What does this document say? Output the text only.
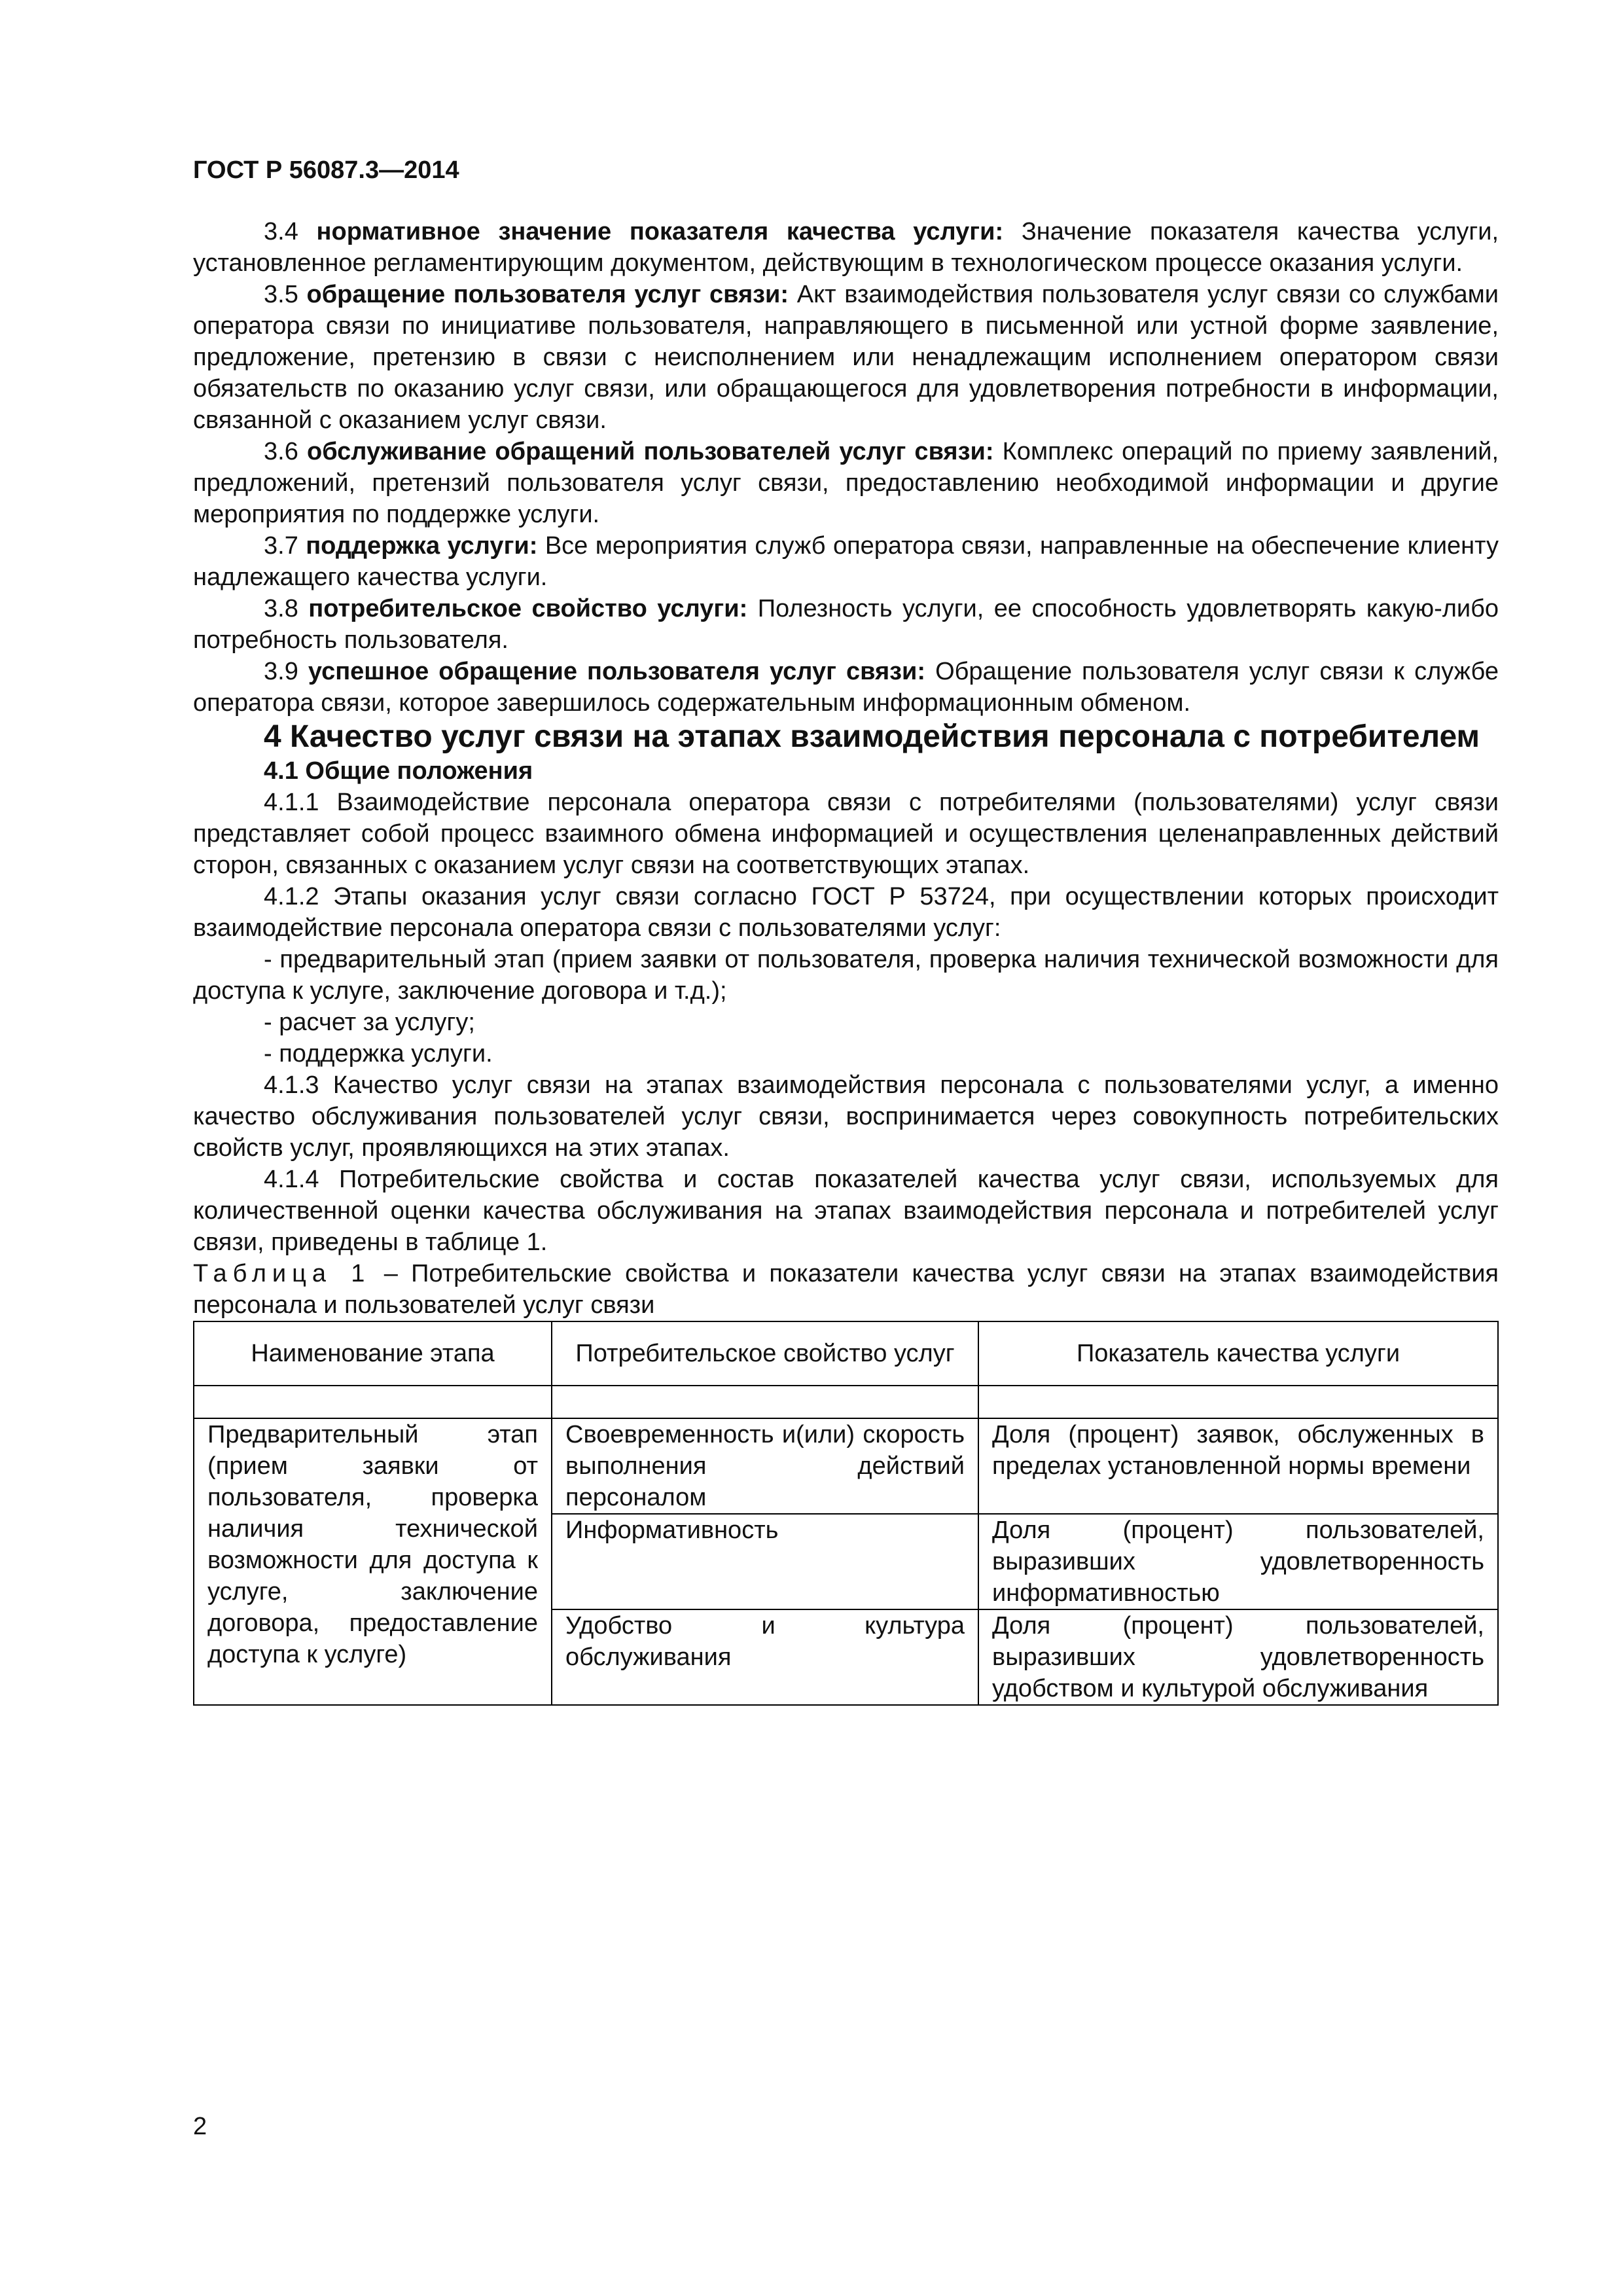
ГОСТ Р 56087.3—2014

3.4 нормативное значение показателя качества услуги: Значение показателя качества услуги, установленное регламентирующим документом, действующим в технологическом процессе оказания услуги.

3.5 обращение пользователя услуг связи: Акт взаимодействия пользователя услуг связи со службами оператора связи по инициативе пользователя, направляющего в письменной или устной форме заявление, предложение, претензию в связи с неисполнением или ненадлежащим исполнением оператором связи обязательств по оказанию услуг связи, или обращающегося для удовлетворения потребности в информации, связанной с оказанием услуг связи.

3.6 обслуживание обращений пользователей услуг связи: Комплекс операций по приему заявлений, предложений, претензий пользователя услуг связи, предоставлению необходимой информации и другие мероприятия по поддержке услуги.

3.7 поддержка услуги: Все мероприятия служб оператора связи, направленные на обеспечение клиенту надлежащего качества услуги.

3.8 потребительское свойство услуги: Полезность услуги, ее способность удовлетворять какую-либо потребность пользователя.

3.9 успешное обращение пользователя услуг связи: Обращение пользователя услуг связи к службе оператора связи, которое завершилось содержательным информационным обменом.

4 Качество услуг связи на этапах взаимодействия персонала с потребителем

4.1 Общие положения

4.1.1 Взаимодействие персонала оператора связи с потребителями (пользователями) услуг связи представляет собой процесс взаимного обмена информацией и осуществления целенаправленных действий сторон, связанных с оказанием услуг связи на соответствующих этапах.

4.1.2 Этапы оказания услуг связи согласно ГОСТ Р 53724, при осуществлении которых происходит взаимодействие персонала оператора связи с пользователями услуг:

- предварительный этап (прием заявки от пользователя, проверка наличия технической возможности для доступа к услуге, заключение договора и т.д.);

- расчет за услугу;

- поддержка услуги.

4.1.3 Качество услуг связи на этапах взаимодействия персонала с пользователями услуг, а именно качество обслуживания пользователей услуг связи, воспринимается через совокупность потребительских свойств услуг, проявляющихся на этих этапах.

4.1.4 Потребительские свойства и состав показателей качества услуг связи, используемых для количественной оценки качества обслуживания на этапах взаимодействия персонала и потребителей услуг связи, приведены в таблице 1.

Таблица 1 – Потребительские свойства и показатели качества услуг связи на этапах взаимодействия персонала и пользователей услуг связи

Наименование этапа	Потребительское свойство услуг	Показатель качества услуги

Предварительный этап (прием заявки от пользователя, проверка наличия технической возможности для доступа к услуге, заключение договора, предоставление доступа к услуге)	Своевременность и(или) скорость выполнения действий персоналом	Доля (процент) заявок, обслуженных в пределах установленной нормы времени
	Информативность	Доля (процент) пользователей, выразивших удовлетворенность информативностью
	Удобство и культура обслуживания	Доля (процент) пользователей, выразивших удовлетворенность удобством и культурой обслуживания
2
